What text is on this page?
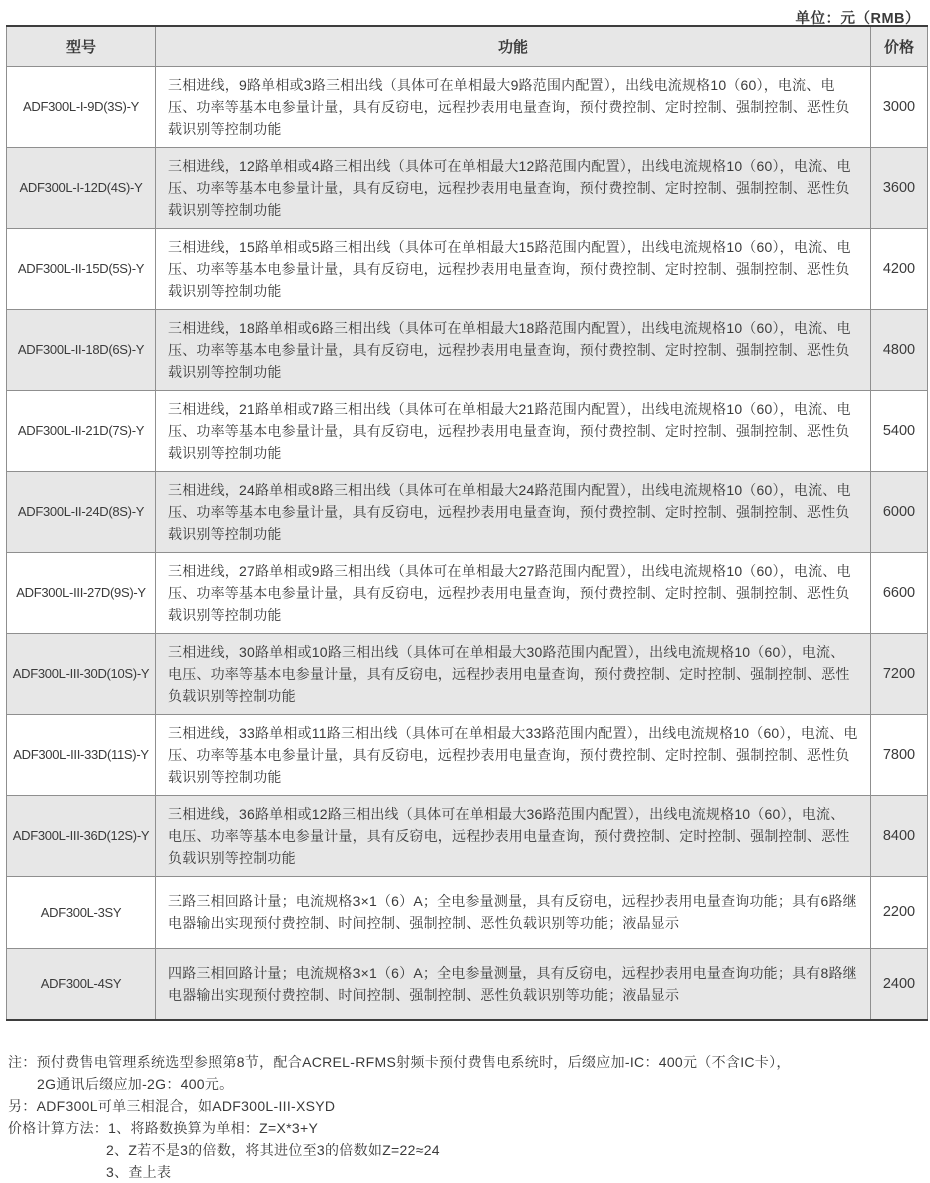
单位：元（RMB）
型号	功能	价格
ADF300L-I-9D(3S)-Y	三相进线，9路单相或3路三相出线（具体可在单相最大9路范围内配置），出线电流规格10（60），电流、电压、功率等基本电参量计量，具有反窃电，远程抄表用电量查询，预付费控制、定时控制、强制控制、恶性负载识别等控制功能	3000
ADF300L-I-12D(4S)-Y	三相进线，12路单相或4路三相出线（具体可在单相最大12路范围内配置），出线电流规格10（60），电流、电压、功率等基本电参量计量，具有反窃电，远程抄表用电量查询，预付费控制、定时控制、强制控制、恶性负载识别等控制功能	3600
ADF300L-II-15D(5S)-Y	三相进线，15路单相或5路三相出线（具体可在单相最大15路范围内配置），出线电流规格10（60），电流、电压、功率等基本电参量计量，具有反窃电，远程抄表用电量查询，预付费控制、定时控制、强制控制、恶性负载识别等控制功能	4200
ADF300L-II-18D(6S)-Y	三相进线，18路单相或6路三相出线（具体可在单相最大18路范围内配置），出线电流规格10（60），电流、电压、功率等基本电参量计量，具有反窃电，远程抄表用电量查询，预付费控制、定时控制、强制控制、恶性负载识别等控制功能	4800
ADF300L-II-21D(7S)-Y	三相进线，21路单相或7路三相出线（具体可在单相最大21路范围内配置），出线电流规格10（60），电流、电压、功率等基本电参量计量，具有反窃电，远程抄表用电量查询，预付费控制、定时控制、强制控制、恶性负载识别等控制功能	5400
ADF300L-II-24D(8S)-Y	三相进线，24路单相或8路三相出线（具体可在单相最大24路范围内配置），出线电流规格10（60），电流、电压、功率等基本电参量计量，具有反窃电，远程抄表用电量查询，预付费控制、定时控制、强制控制、恶性负载识别等控制功能	6000
ADF300L-III-27D(9S)-Y	三相进线，27路单相或9路三相出线（具体可在单相最大27路范围内配置），出线电流规格10（60），电流、电压、功率等基本电参量计量，具有反窃电，远程抄表用电量查询，预付费控制、定时控制、强制控制、恶性负载识别等控制功能	6600
ADF300L-III-30D(10S)-Y	三相进线，30路单相或10路三相出线（具体可在单相最大30路范围内配置），出线电流规格10（60），电流、电压、功率等基本电参量计量，具有反窃电，远程抄表用电量查询，预付费控制、定时控制、强制控制、恶性负载识别等控制功能	7200
ADF300L-III-33D(11S)-Y	三相进线，33路单相或11路三相出线（具体可在单相最大33路范围内配置），出线电流规格10（60），电流、电压、功率等基本电参量计量，具有反窃电，远程抄表用电量查询，预付费控制、定时控制、强制控制、恶性负载识别等控制功能	7800
ADF300L-III-36D(12S)-Y	三相进线，36路单相或12路三相出线（具体可在单相最大36路范围内配置），出线电流规格10（60），电流、电压、功率等基本电参量计量，具有反窃电，远程抄表用电量查询，预付费控制、定时控制、强制控制、恶性负载识别等控制功能	8400
ADF300L-3SY	三路三相回路计量；电流规格3×1（6）A；全电参量测量，具有反窃电，远程抄表用电量查询功能；具有6路继电器输出实现预付费控制、时间控制、强制控制、恶性负载识别等功能；液晶显示	2200
ADF300L-4SY	四路三相回路计量；电流规格3×1（6）A；全电参量测量，具有反窃电，远程抄表用电量查询功能；具有8路继电器输出实现预付费控制、时间控制、强制控制、恶性负载识别等功能；液晶显示	2400
注：预付费售电管理系统选型参照第8节，配合ACREL-RFMS射频卡预付费售电系统时，后缀应加-IC：400元（不含IC卡），
2G通讯后缀应加-2G：400元。
另：ADF300L可单三相混合，如ADF300L-III-XSYD
价格计算方法：1、将路数换算为单相：Z=X*3+Y
2、Z若不是3的倍数，将其进位至3的倍数如Z=22≈24
3、查上表
